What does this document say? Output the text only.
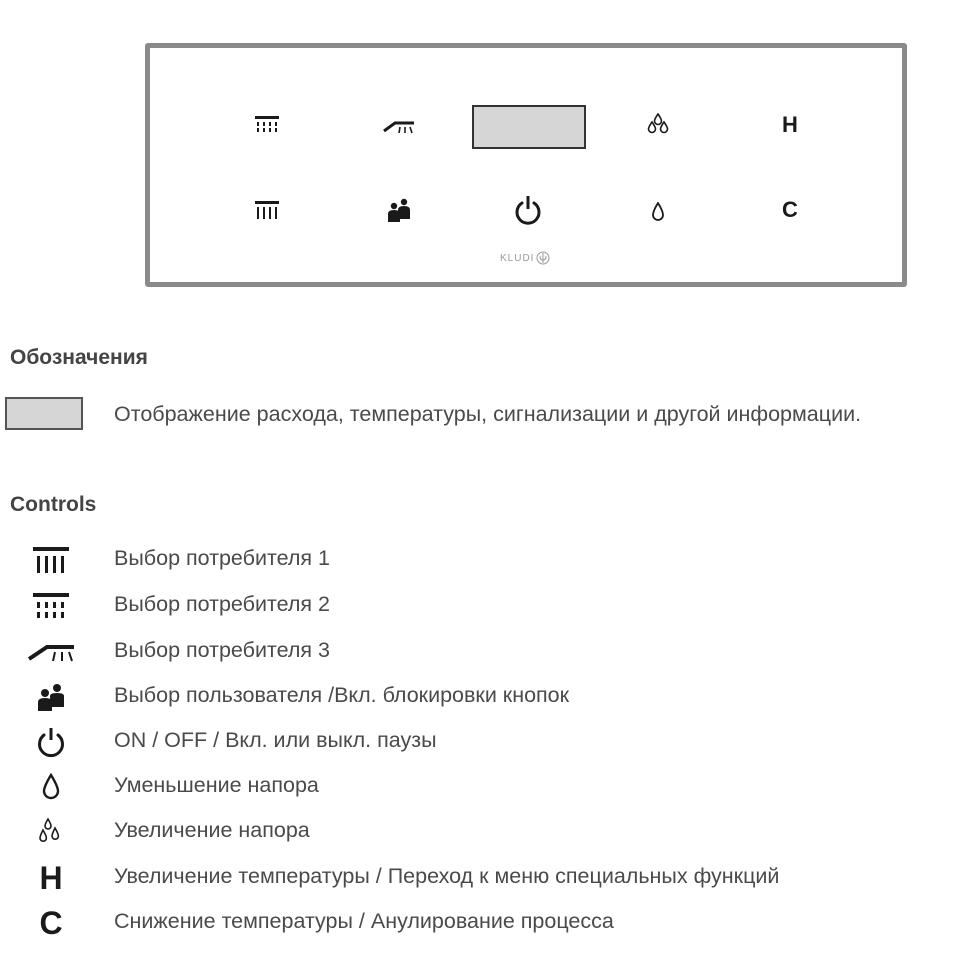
H
C
KLUDI
Обозначения
Отображение расхода, температуры, сигнализации и другой информации.
Controls
Выбор потребителя 1
Выбор потребителя 2
Выбор потребителя 3
Выбор пользователя /Вкл. блокировки кнопок
ON / OFF / Вкл. или выкл. паузы
Уменьшение напора
Увеличение напора
H	Увеличение температуры / Переход к меню специальных функций
C	Снижение температуры / Анулирование процесса
